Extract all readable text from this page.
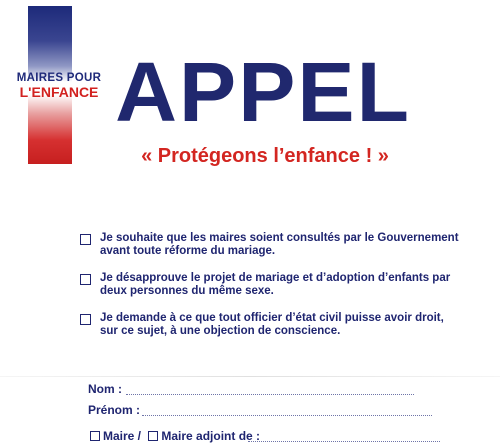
MAIRES POUR
L'ENFANCE APPEL
« Protégeons l’enfance ! »
Je souhaite que les maires soient consultés par le Gouvernement
avant toute réforme du mariage.
Je désapprouve le projet de mariage et d’adoption d’enfants par
deux personnes du même sexe.
Je demande à ce que tout officier d’état civil puisse avoir droit,
sur ce sujet, à une objection de conscience.
Nom :
Prénom :
Maire / Maire adjoint de :
